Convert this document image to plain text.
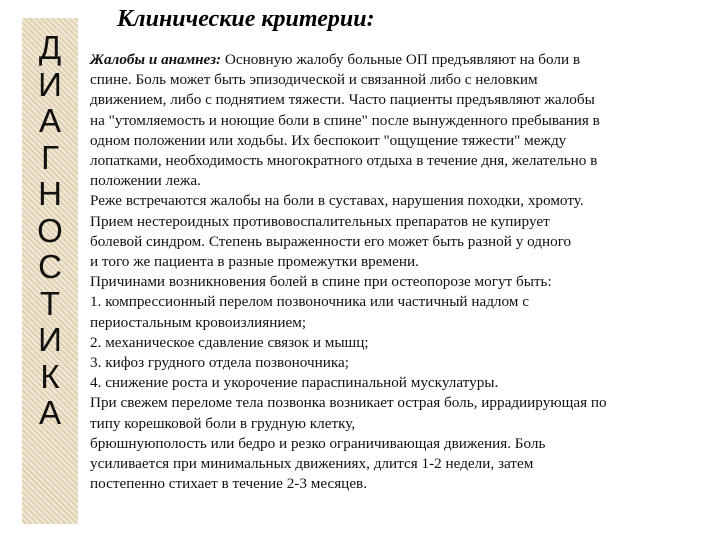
Д
И
А
Г
Н
О
С
Т
И
К
А
Клинические критерии:
Жалобы и анамнез: Основную жалобу больные ОП предъявляют на боли в
спине. Боль может быть эпизодической и связанной либо с неловким
движением, либо с поднятием тяжести. Часто пациенты предъявляют жалобы
на "утомляемость и ноющие боли в спине" после вынужденного пребывания в
одном положении или ходьбы. Их беспокоит "ощущение тяжести" между
лопатками, необходимость многократного отдыха в течение дня, желательно в
положении лежа.
Реже встречаются жалобы на боли в суставах, нарушения походки, хромоту.
Прием нестероидных противовоспалительных препаратов не купирует
болевой синдром. Степень выраженности его может быть разной у одного
и того же пациента в разные промежутки времени.
Причинами возникновения болей в спине при остеопорозе могут быть:
1. компрессионный перелом позвоночника или частичный надлом с
периостальным кровоизлиянием;
2. механическое сдавление связок и мышц;
3. кифоз грудного отдела позвоночника;
4. снижение роста и укорочение параспинальной мускулатуры.
При свежем переломе тела позвонка возникает острая боль, иррадиирующая по
типу корешковой боли в грудную клетку,
брюшнуюполость или бедро и резко ограничивающая движения. Боль
усиливается при минимальных движениях, длится 1-2 недели, затем
постепенно стихает в течение 2-3 месяцев.
